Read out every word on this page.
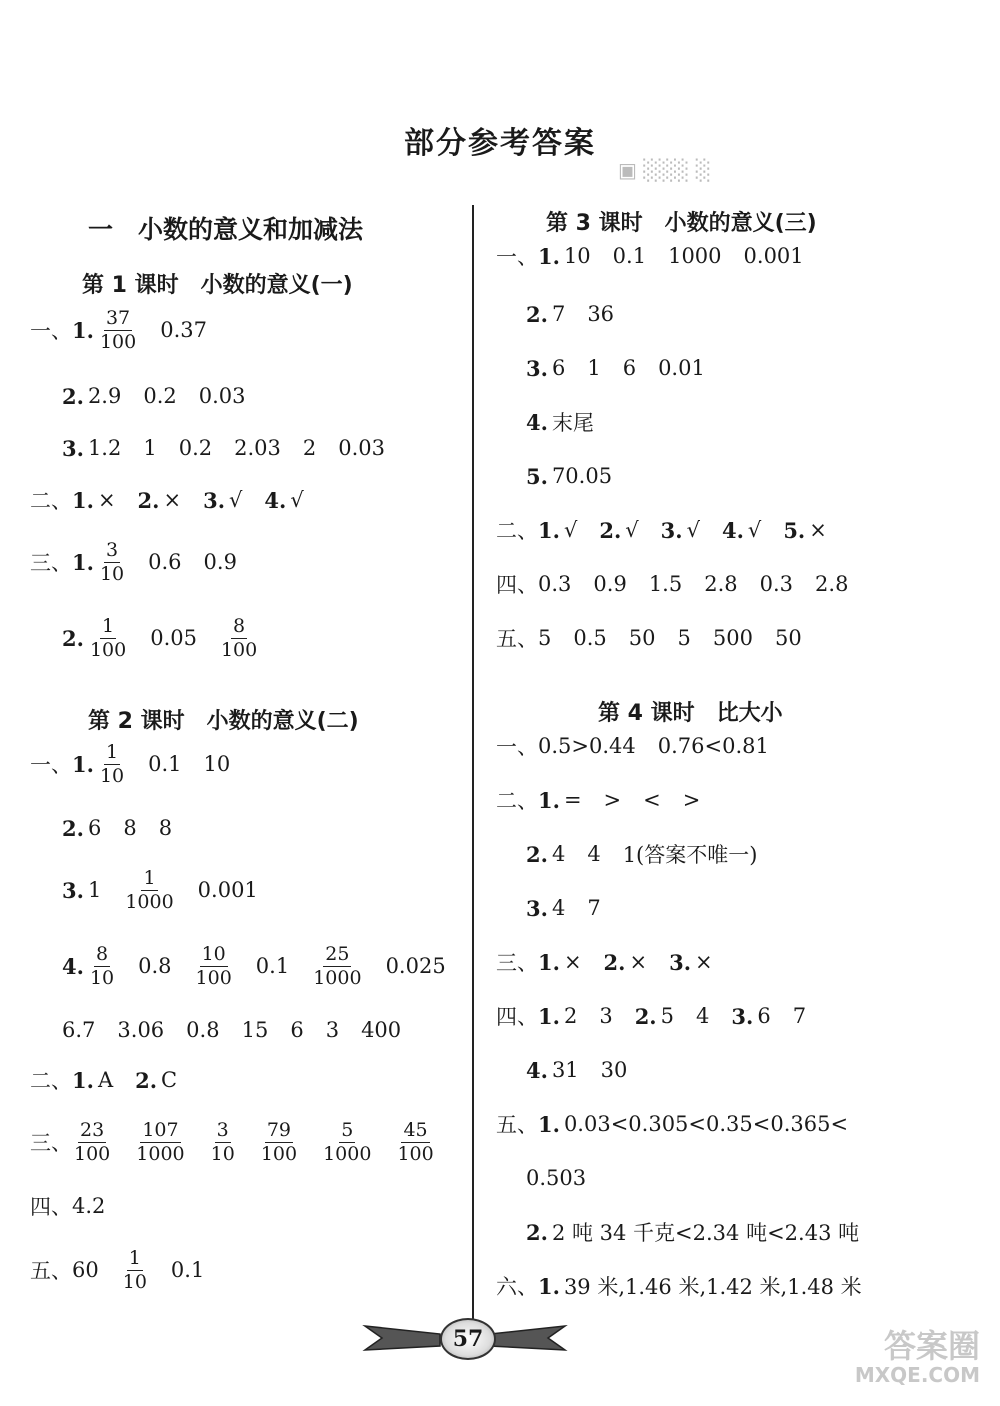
部分参考答案
▣ ░░░ ░
一　小数的意义和加减法
第 1 课时　小数的意义(一)
第 2 课时　小数的意义(二)
一、 1. $\frac{37}{100} 0.37$
2. 2.9 0.2 0.03
3. 1.2 1 0.2 2.03 2 0.03
二、 1. × 2. × 3. √ 4. √
三、 1. $\frac{3}{10} 0.6$ 0.9
2. $\frac{1}{100} 0.05 \frac{8}{100}$
一、 1. $\frac{1}{10} 0.1$ 10
2. 6 8 8
3. $1 \frac{1}{1000} 0.001$
4. $\frac{8}{10} 0.8 \frac{10}{100} 0.1 \frac{25}{1000} 0.025$
6.7 3.06 0.8 15 6 3 400
二、 1. A 2. C
三、 $\frac{23}{100} \frac{107}{1000} \frac{3}{10} \frac{79}{100} \frac{5}{1000} \frac{45}{100}$
四、 4.2
五、 $60 \frac{1}{10} 0.1$
第 3 课时　小数的意义(三)
第 4 课时　比大小
一、 1. 10 0.1 1000 0.001
2. 7 36
3. 6 1 6 0.01
4. 末尾
5. 70.05
二、 1. √ 2. √ 3. √ 4. √ 5. ×
四、 0.3 0.9 1.5 2.8 0.3 2.8
五、 5 0.5 50 5 500 50
一、 0.5>0.44 0.76<0.81
二、 1. = > < >
2. 4 4 1(答案不唯一)
3. 4 7
三、 1. × 2. × 3. ×
四、 1. 2 3 2. 5 4 3. 6 7
4. 31 30
五、 1. 0.03<0.305<0.35<0.365<
0.503
2. 2 吨 34 千克<2.34 吨<2.43 吨
六、 1. 39 米,1.46 米,1.42 米,1.48 米
57	答案圈
MXQE.COM
